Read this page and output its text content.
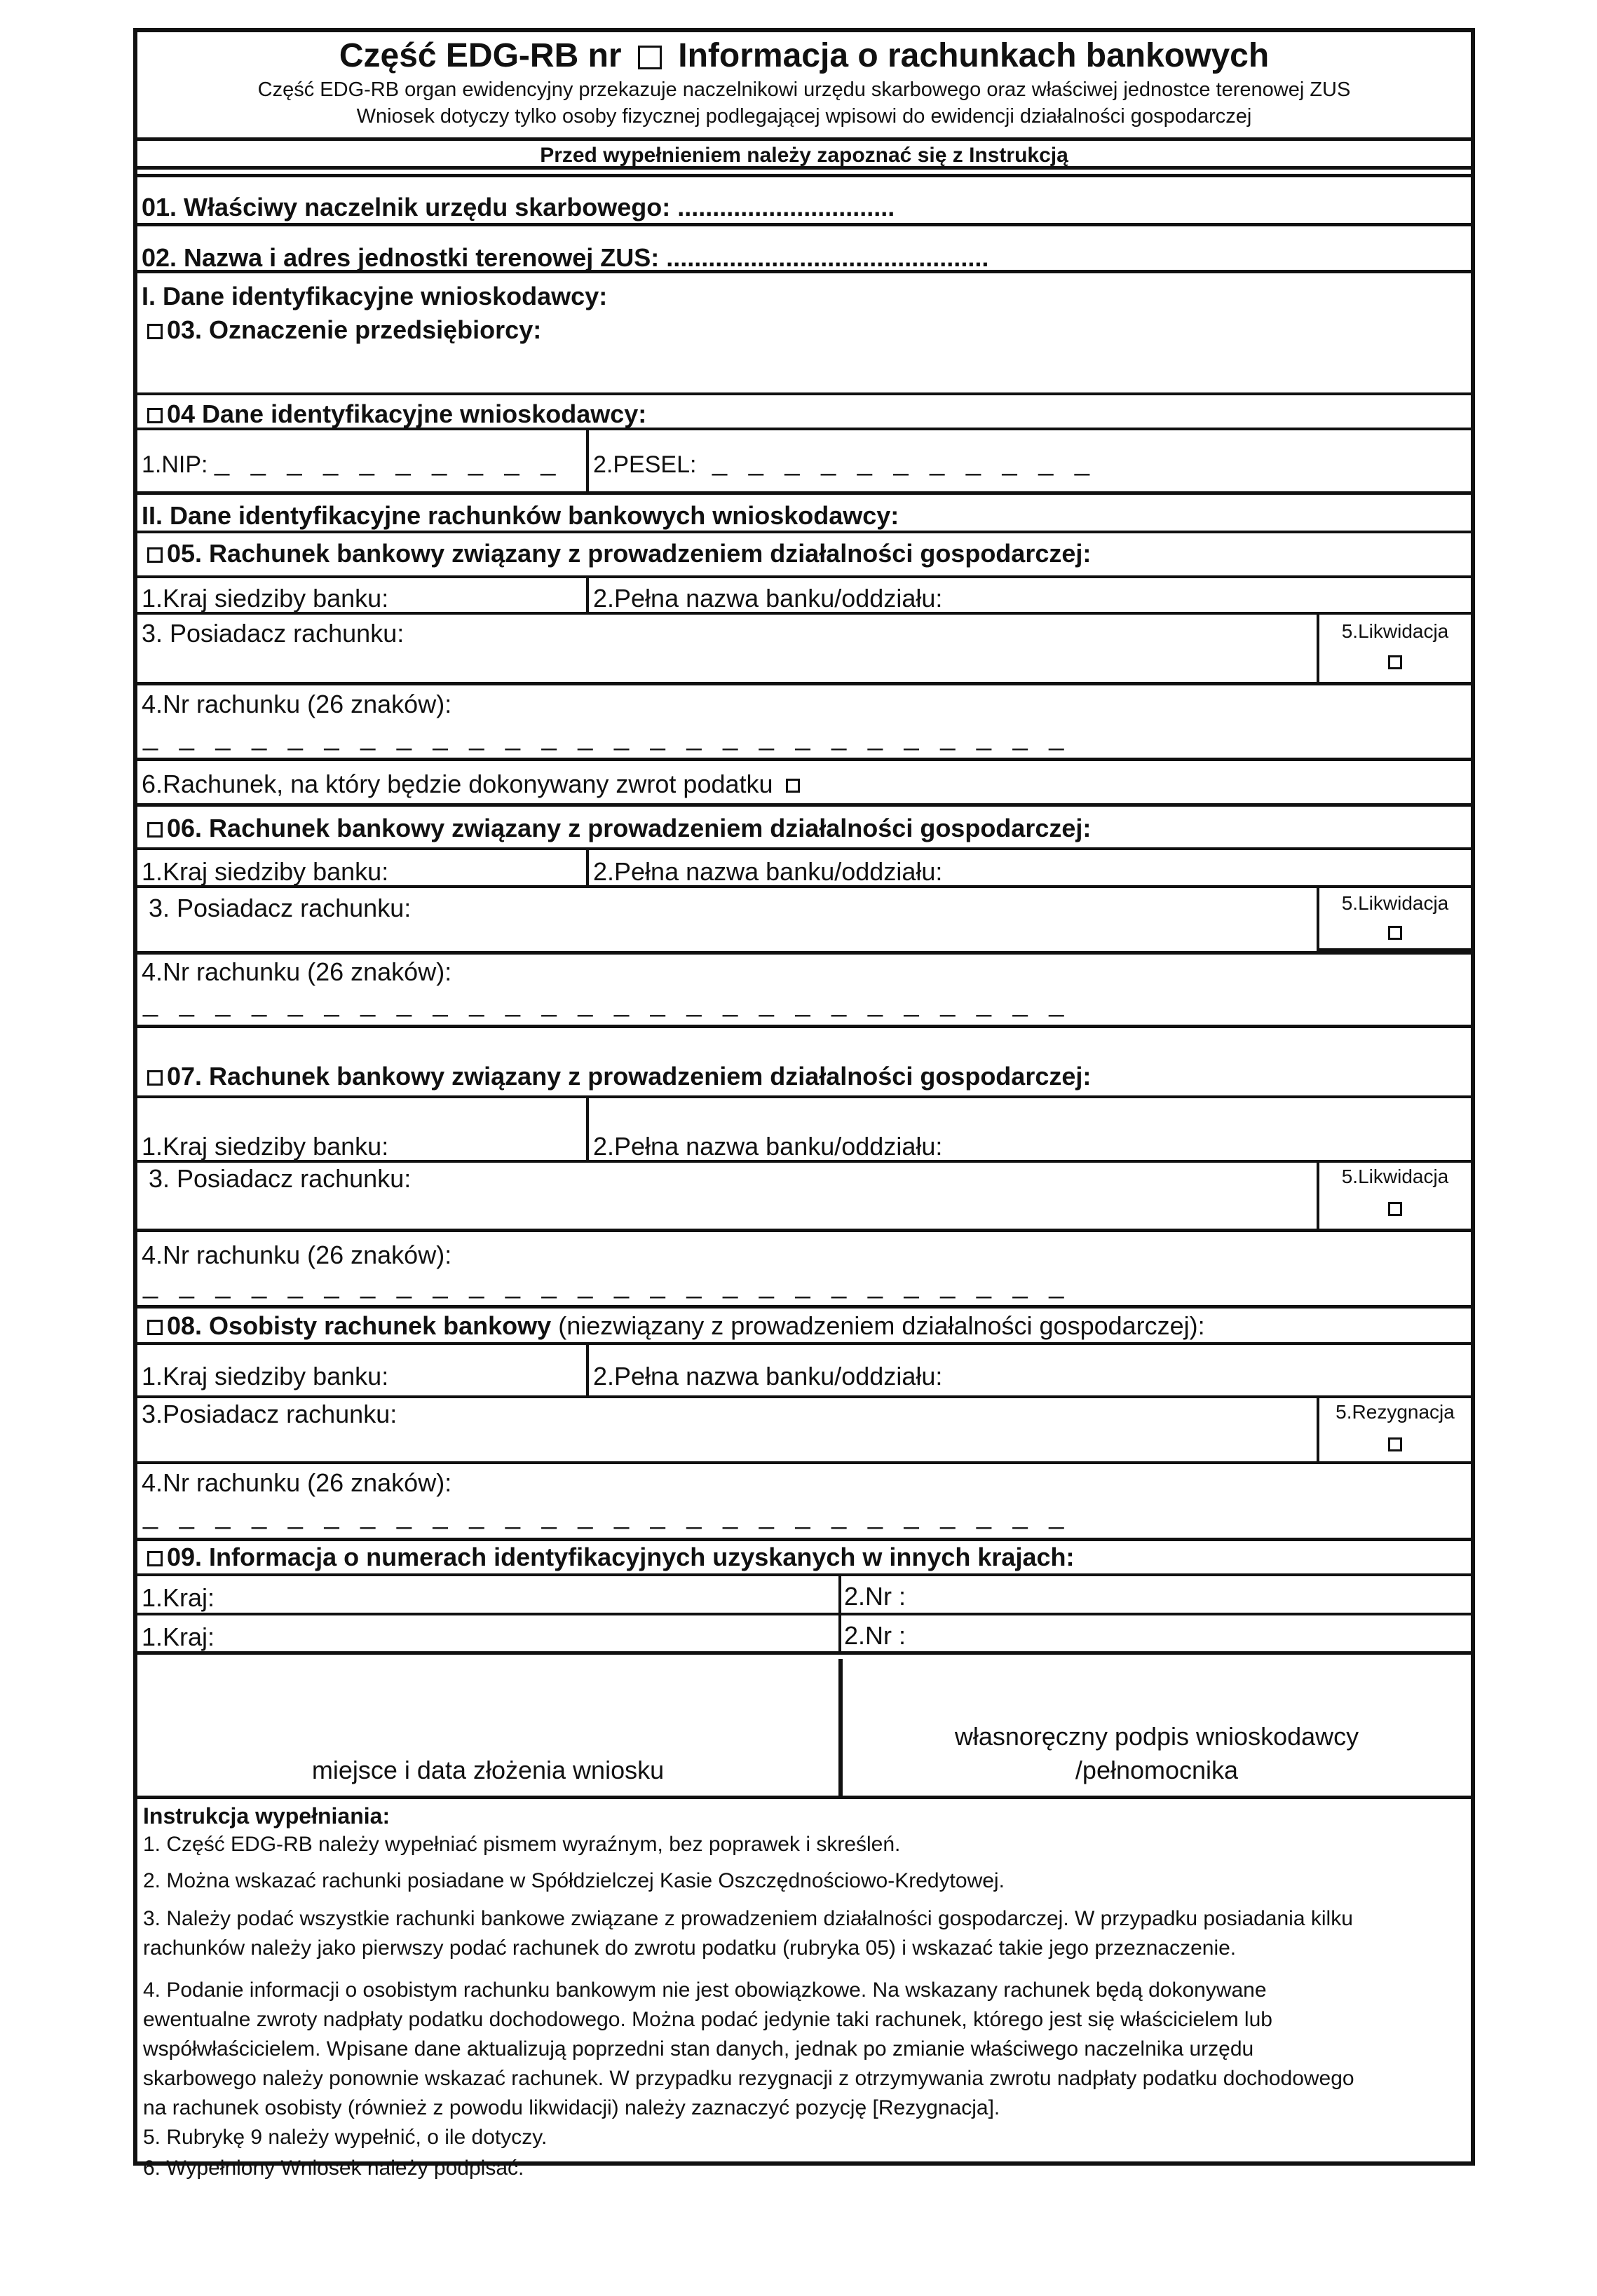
Część EDG-RB nr Informacja o rachunkach bankowych
Część EDG-RB organ ewidencyjny przekazuje naczelnikowi urzędu skarbowego oraz właściwej jednostce terenowej ZUS
Wniosek dotyczy tylko osoby fizycznej podlegającej wpisowi do ewidencji działalności gospodarczej
Przed wypełnieniem należy zapoznać się z Instrukcją
01. Właściwy naczelnik urzędu skarbowego: ...............................
02. Nazwa i adres jednostki terenowej ZUS: ..............................................
I. Dane identyfikacyjne wnioskodawcy:
03. Oznaczenie przedsiębiorcy:
04 Dane identyfikacyjne wnioskodawcy:
1.NIP: _ _ _ _ _ _ _ _ _ _ 2.PESEL: _ _ _ _ _ _ _ _ _ _ _
II. Dane identyfikacyjne rachunków bankowych wnioskodawcy:
05. Rachunek bankowy związany z prowadzeniem działalności gospodarczej:
1.Kraj siedziby banku:	2.Pełna nazwa banku/oddziału:
3. Posiadacz rachunku:	5.Likwidacja
4.Nr rachunku (26 znaków):
_ _ _ _ _ _ _ _ _ _ _ _ _ _ _ _ _ _ _ _ _ _ _ _ _ _
6.Rachunek, na który będzie dokonywany zwrot podatku
06. Rachunek bankowy związany z prowadzeniem działalności gospodarczej:
1.Kraj siedziby banku:	2.Pełna nazwa banku/oddziału:
3. Posiadacz rachunku:	5.Likwidacja
4.Nr rachunku (26 znaków):
_ _ _ _ _ _ _ _ _ _ _ _ _ _ _ _ _ _ _ _ _ _ _ _ _ _
07. Rachunek bankowy związany z prowadzeniem działalności gospodarczej:
1.Kraj siedziby banku:	2.Pełna nazwa banku/oddziału:
3. Posiadacz rachunku:	5.Likwidacja
4.Nr rachunku (26 znaków):
_ _ _ _ _ _ _ _ _ _ _ _ _ _ _ _ _ _ _ _ _ _ _ _ _ _
08. Osobisty rachunek bankowy (niezwiązany z prowadzeniem działalności gospodarczej):
1.Kraj siedziby banku:	2.Pełna nazwa banku/oddziału:
3.Posiadacz rachunku:	5.Rezygnacja
4.Nr rachunku (26 znaków):
_ _ _ _ _ _ _ _ _ _ _ _ _ _ _ _ _ _ _ _ _ _ _ _ _ _
09. Informacja o numerach identyfikacyjnych uzyskanych w innych krajach:
1.Kraj:	2.Nr :
1.Kraj:	2.Nr :
miejsce i data złożenia wniosku
własnoręczny podpis wnioskodawcy
/pełnomocnika
Instrukcja wypełniania:
1. Część EDG-RB należy wypełniać pismem wyraźnym, bez poprawek i skreśleń.
2. Można wskazać rachunki posiadane w Spółdzielczej Kasie Oszczędnościowo-Kredytowej.
3. Należy podać wszystkie rachunki bankowe związane z prowadzeniem działalności gospodarczej. W przypadku posiadania kilku
rachunków należy jako pierwszy podać rachunek do zwrotu podatku (rubryka 05) i wskazać takie jego przeznaczenie.
4. Podanie informacji o osobistym rachunku bankowym nie jest obowiązkowe. Na wskazany rachunek będą dokonywane
ewentualne zwroty nadpłaty podatku dochodowego. Można podać jedynie taki rachunek, którego jest się właścicielem lub
współwłaścicielem. Wpisane dane aktualizują poprzedni stan danych, jednak po zmianie właściwego naczelnika urzędu
skarbowego należy ponownie wskazać rachunek. W przypadku rezygnacji z otrzymywania zwrotu nadpłaty podatku dochodowego
na rachunek osobisty (również z powodu likwidacji) należy zaznaczyć pozycję [Rezygnacja].
5. Rubrykę 9 należy wypełnić, o ile dotyczy.
6. Wypełniony Wniosek należy podpisać.
